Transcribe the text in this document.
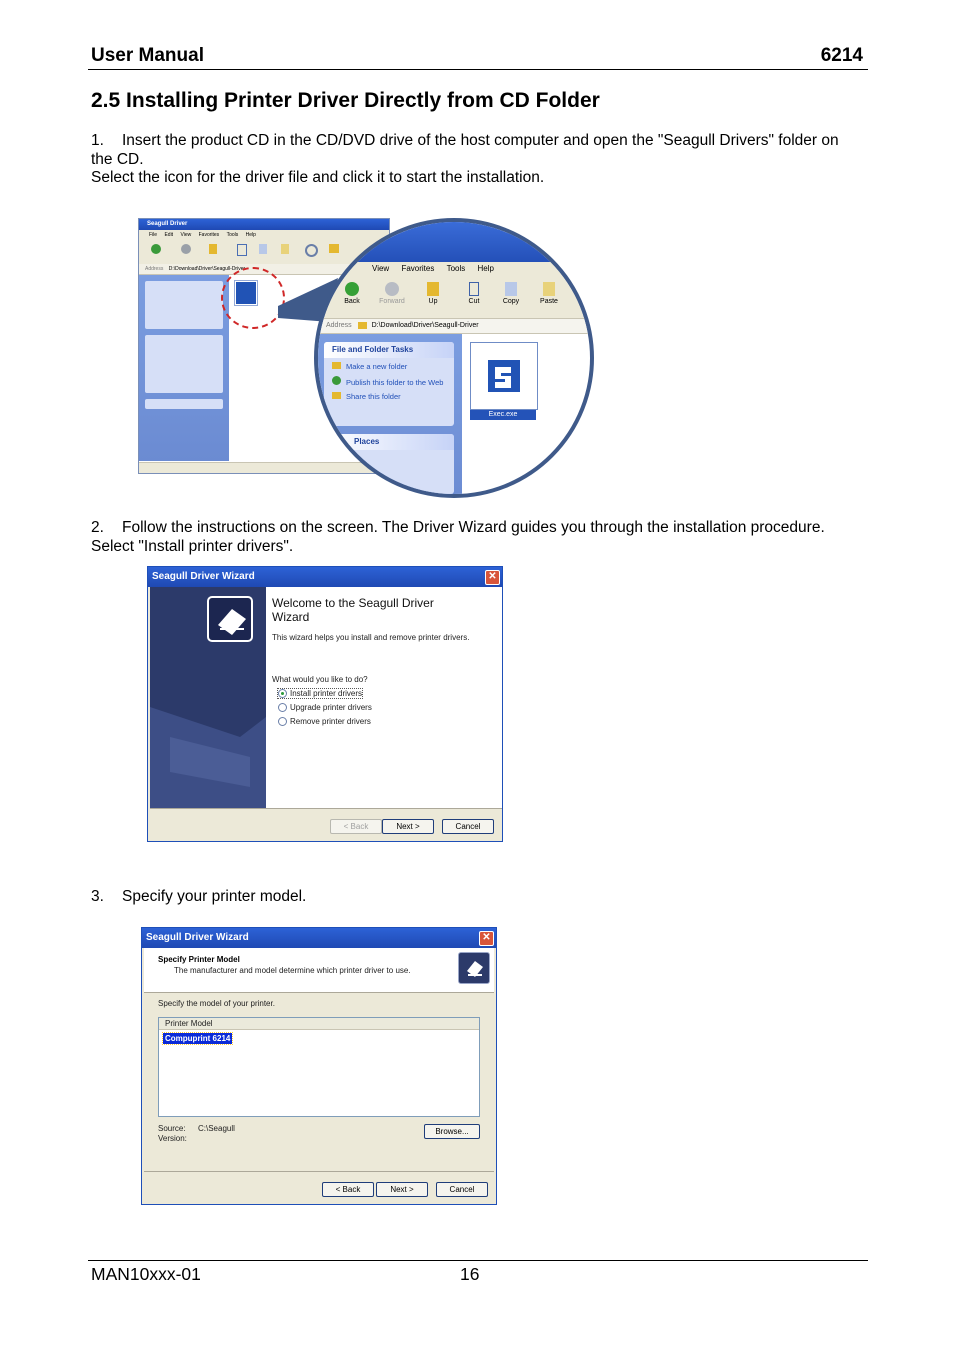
User Manual	6214
2.5 Installing Printer Driver Directly from CD Folder
1. Insert the product CD in the CD/DVD drive of the host computer and open the "Seagull Drivers" folder on
the CD.
Select the icon for the driver file and click it to start the installation.
Seagull Driver
File Edit View Favorites Tools Help
Address D:\Download\Driver\Seagull-Driver	View Favorites Tools Help
Back	Forward	Up	Cut	Copy	Paste
Address	D:\Download\Driver\Seagull-Driver
File and Folder Tasks
Make a new folder
Publish this folder to the Web
Share this folder
Places
Exec.exe
2. Follow the instructions on the screen. The Driver Wizard guides you through the installation procedure.
Select "Install printer drivers".
Seagull Driver Wizard	✕
Welcome to the Seagull Driver Wizard
This wizard helps you install and remove printer drivers.
What would you like to do?
Install printer drivers
Upgrade printer drivers
Remove printer drivers
< Back	Next >	Cancel
3. Specify your printer model.
Seagull Driver Wizard	✕
Specify Printer Model
The manufacturer and model determine which printer driver to use.
Specify the model of your printer.
Printer Model
Compuprint 6214
Source: C:\Seagull
Version:
Browse...
< Back	Next >	Cancel
MAN10xxx-01	16
